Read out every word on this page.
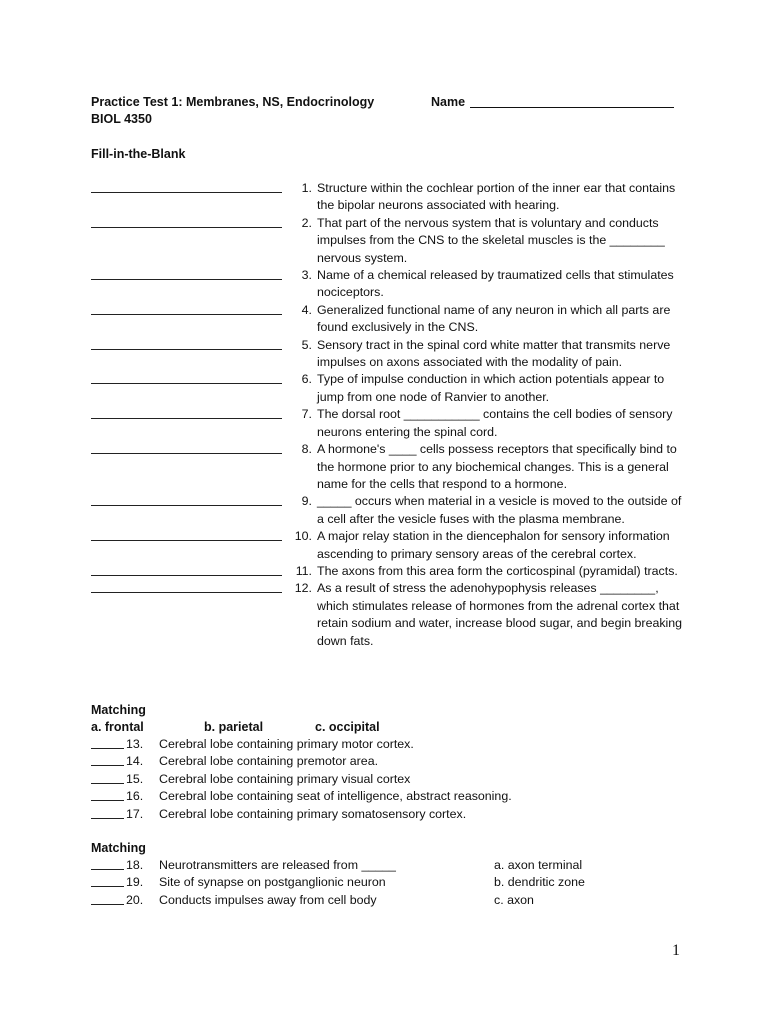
Practice Test 1: Membranes, NS, Endocrinology
BIOL 4350
Name
Fill-in-the-Blank
1. Structure within the cochlear portion of the inner ear that contains the bipolar neurons associated with hearing.
2. That part of the nervous system that is voluntary and conducts impulses from the CNS to the skeletal muscles is the ________ nervous system.
3. Name of a chemical released by traumatized cells that stimulates nociceptors.
4. Generalized functional name of any neuron in which all parts are found exclusively in the CNS.
5. Sensory tract in the spinal cord white matter that transmits nerve impulses on axons associated with the modality of pain.
6. Type of impulse conduction in which action potentials appear to jump from one node of Ranvier to another.
7. The dorsal root ___________ contains the cell bodies of sensory neurons entering the spinal cord.
8. A hormone's ____ cells possess receptors that specifically bind to the hormone prior to any biochemical changes. This is a general name for the cells that respond to a hormone.
9. _____ occurs when material in a vesicle is moved to the outside of a cell after the vesicle fuses with the plasma membrane.
10. A major relay station in the diencephalon for sensory information ascending to primary sensory areas of the cerebral cortex.
11. The axons from this area form the corticospinal (pyramidal) tracts.
12. As a result of stress the adenohypophysis releases ________, which stimulates release of hormones from the adrenal cortex that retain sodium and water, increase blood sugar, and begin breaking down fats.
Matching
a. frontal	b. parietal	c. occipital
13.	Cerebral lobe containing primary motor cortex.
14.	Cerebral lobe containing premotor area.
15.	Cerebral lobe containing primary visual cortex
16.	Cerebral lobe containing seat of intelligence, abstract reasoning.
17.	Cerebral lobe containing primary somatosensory cortex.
Matching
18.	Neurotransmitters are released from _____	a. axon terminal
19.	Site of synapse on postganglionic neuron	b. dendritic zone
20.	Conducts impulses away from cell body	c. axon
1
